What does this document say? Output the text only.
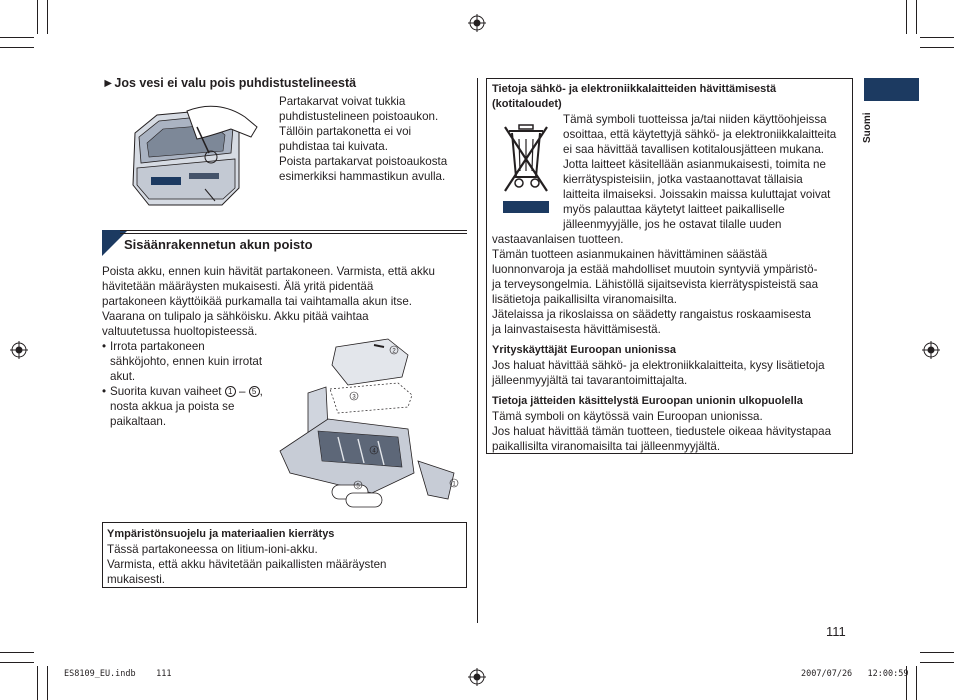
Suomi
►Jos vesi ei valu pois puhdistustelineestä
Partakarvat voivat tukkia
puhdistustelineen poistoaukon.
Tällöin partakonetta ei voi
puhdistaa tai kuivata.
Poista partakarvat poistoaukosta
esimerkiksi hammastikun avulla.
Sisäänrakennetun akun poisto
Poista akku, ennen kuin hävität partakoneen. Varmista, että akku
hävitetään määräysten mukaisesti. Älä yritä pidentää
partakoneen käyttöikää purkamalla tai vaihtamalla akun itse.
Vaarana on tulipalo ja sähköisku. Akku pitää vaihtaa
valtuutetussa huoltopisteessä.
• Irrota partakoneen
sähköjohto, ennen kuin irrotat
akut.
• Suorita kuvan vaiheet 1 – 5 ,
nosta akkua ja poista se
paikaltaan.
2
3
4
1
5
Ympäristönsuojelu ja materiaalien kierrätys
Tässä partakoneessa on litium-ioni-akku.
Varmista, että akku hävitetään paikallisten määräysten
mukaisesti.
Tietoja sähkö- ja elektroniikkalaitteiden hävittämisestä
(kotitaloudet)
Tämä symboli tuotteissa ja/tai niiden käyttöohjeissa
osoittaa, että käytettyjä sähkö- ja elektroniikkalaitteita
ei saa hävittää tavallisen kotitalousjätteen mukana.
Jotta laitteet käsitellään asianmukaisesti, toimita ne
kierrätyspisteisiin, jotka vastaanottavat tällaisia
laitteita ilmaiseksi. Joissakin maissa kuluttajat voivat
myös palauttaa käytetyt laitteet paikalliselle
jälleenmyyjälle, jos he ostavat tilalle uuden
vastaavanlaisen tuotteen.
Tämän tuotteen asianmukainen hävittäminen säästää
luonnonvaroja ja estää mahdolliset muutoin syntyviä ympäristö-
ja terveysongelmia. Lähistöllä sijaitsevista kierrätyspisteistä saa
lisätietoja paikallisilta viranomaisilta.
Jätelaissa ja rikoslaissa on säädetty rangaistus roskaamisesta
ja lainvastaisesta hävittämisestä.
Yrityskäyttäjät Euroopan unionissa
Jos haluat hävittää sähkö- ja elektroniikkalaitteita, kysy lisätietoja
jälleenmyyjältä tai tavarantoimittajalta.
Tietoja jätteiden käsittelystä Euroopan unionin ulkopuolella
Tämä symboli on käytössä vain Euroopan unionissa.
Jos haluat hävittää tämän tuotteen, tiedustele oikeaa hävitystapaa
paikallisilta viranomaisilta tai jälleenmyyjältä.
111
ES8109_EU.indb 111	2007/07/26 12:00:59
